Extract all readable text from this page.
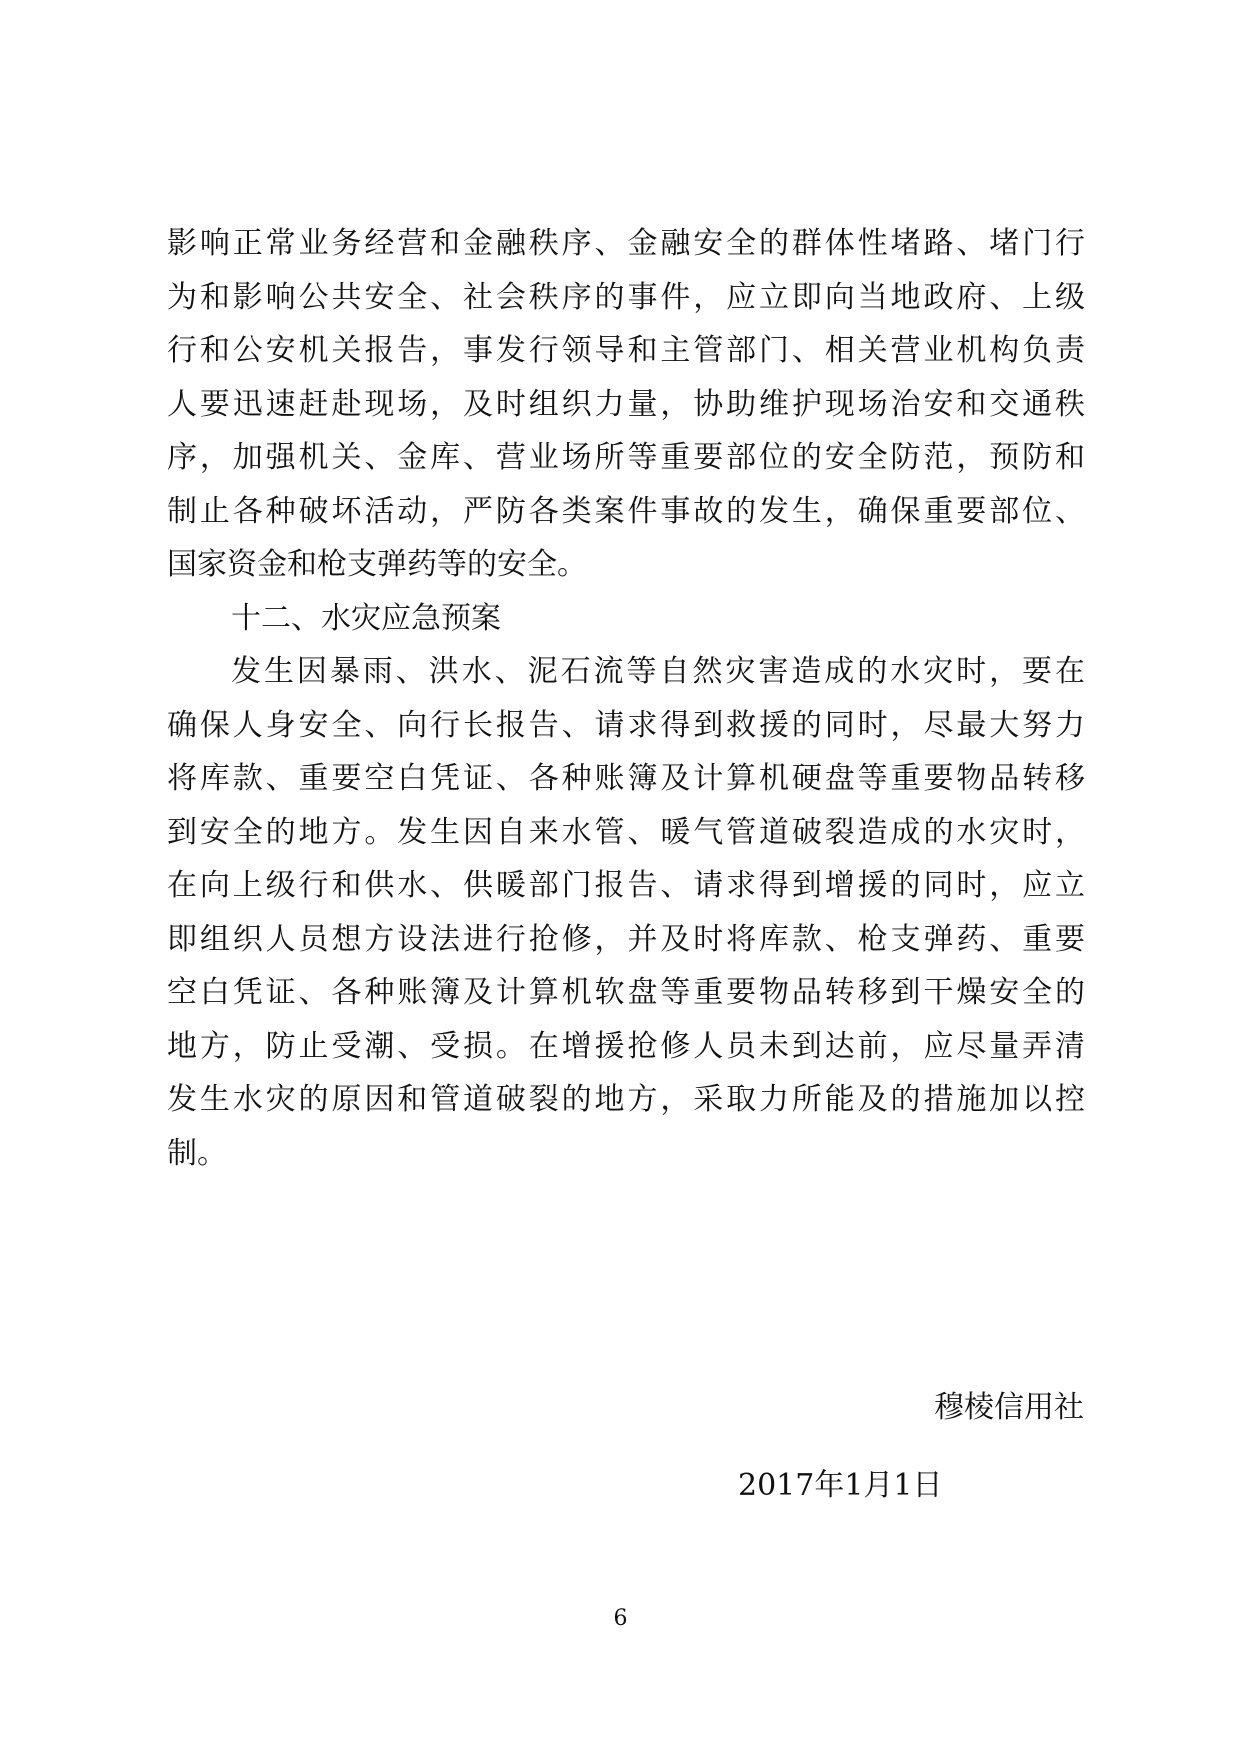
影响正常业务经营和金融秩序、金融安全的群体性堵路、堵门行
为和影响公共安全、社会秩序的事件，应立即向当地政府、上级
行和公安机关报告，事发行领导和主管部门、相关营业机构负责
人要迅速赶赴现场，及时组织力量，协助维护现场治安和交通秩
序，加强机关、金库、营业场所等重要部位的安全防范，预防和
制止各种破坏活动，严防各类案件事故的发生，确保重要部位、
国家资金和枪支弹药等的安全。
十二、水灾应急预案
发生因暴雨、洪水、泥石流等自然灾害造成的水灾时，要在
确保人身安全、向行长报告、请求得到救援的同时，尽最大努力
将库款、重要空白凭证、各种账簿及计算机硬盘等重要物品转移
到安全的地方。发生因自来水管、暖气管道破裂造成的水灾时，
在向上级行和供水、供暖部门报告、请求得到增援的同时，应立
即组织人员想方设法进行抢修，并及时将库款、枪支弹药、重要
空白凭证、各种账簿及计算机软盘等重要物品转移到干燥安全的
地方，防止受潮、受损。在增援抢修人员未到达前，应尽量弄清
发生水灾的原因和管道破裂的地方，采取力所能及的措施加以控
制。
穆棱信用社
2017年1月1日
6
